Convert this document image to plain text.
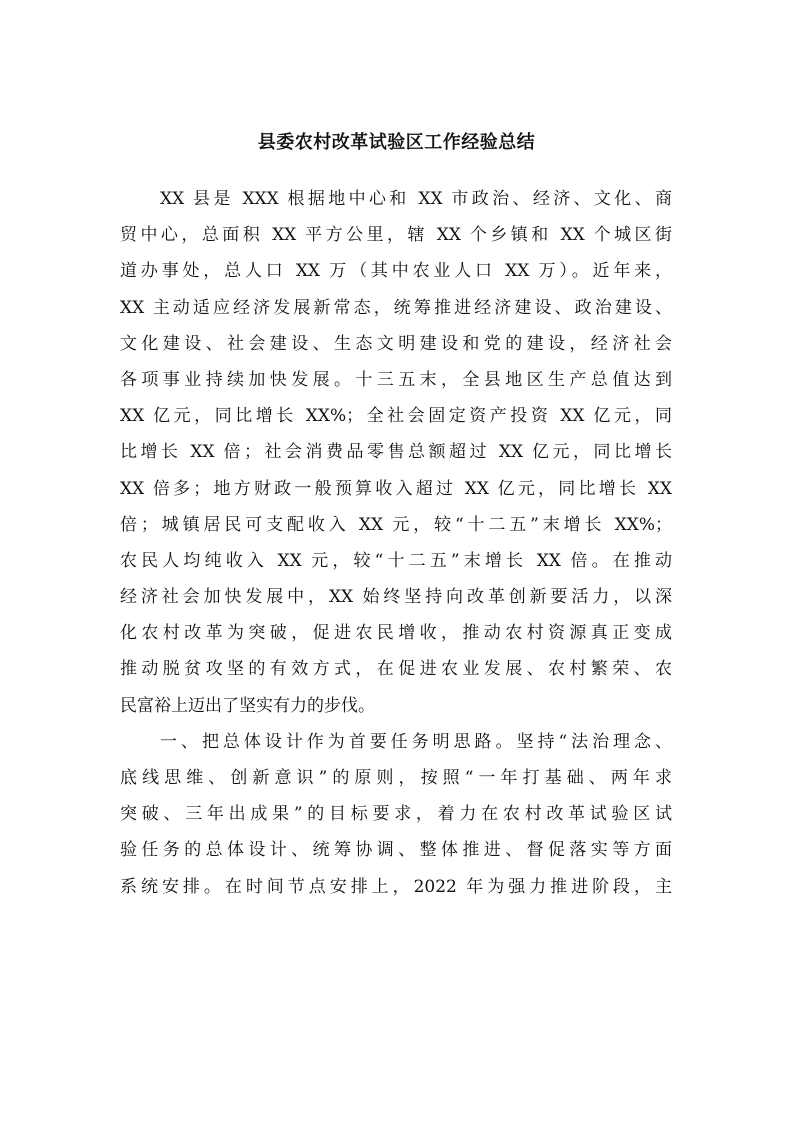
县委农村改革试验区工作经验总结
XX 县是 XXX 根据地中心和 XX 市政治、经济、文化、商
贸中心，总面积 XX 平方公里，辖 XX 个乡镇和 XX 个城区街
道办事处，总人口 XX 万（其中农业人口 XX 万）。近年来，
XX 主动适应经济发展新常态，统筹推进经济建设、政治建设、
文化建设、社会建设、生态文明建设和党的建设，经济社会
各项事业持续加快发展。十三五末，全县地区生产总值达到
XX 亿元，同比增长 XX%；全社会固定资产投资 XX 亿元，同
比增长 XX 倍；社会消费品零售总额超过 XX 亿元，同比增长
XX 倍多；地方财政一般预算收入超过 XX 亿元，同比增长 XX
倍；城镇居民可支配收入 XX 元，较“十二五”末增长 XX%；
农民人均纯收入 XX 元，较“十二五”末增长 XX 倍。在推动
经济社会加快发展中，XX 始终坚持向改革创新要活力，以深
化农村改革为突破，促进农民增收，推动农村资源真正变成
推动脱贫攻坚的有效方式，在促进农业发展、农村繁荣、农
民富裕上迈出了坚实有力的步伐。
一、把总体设计作为首要任务明思路。坚持“法治理念、
底线思维、创新意识”的原则，按照“一年打基础、两年求
突破、三年出成果”的目标要求，着力在农村改革试验区试
验任务的总体设计、统筹协调、整体推进、督促落实等方面
系统安排。在时间节点安排上，2022 年为强力推进阶段，主
